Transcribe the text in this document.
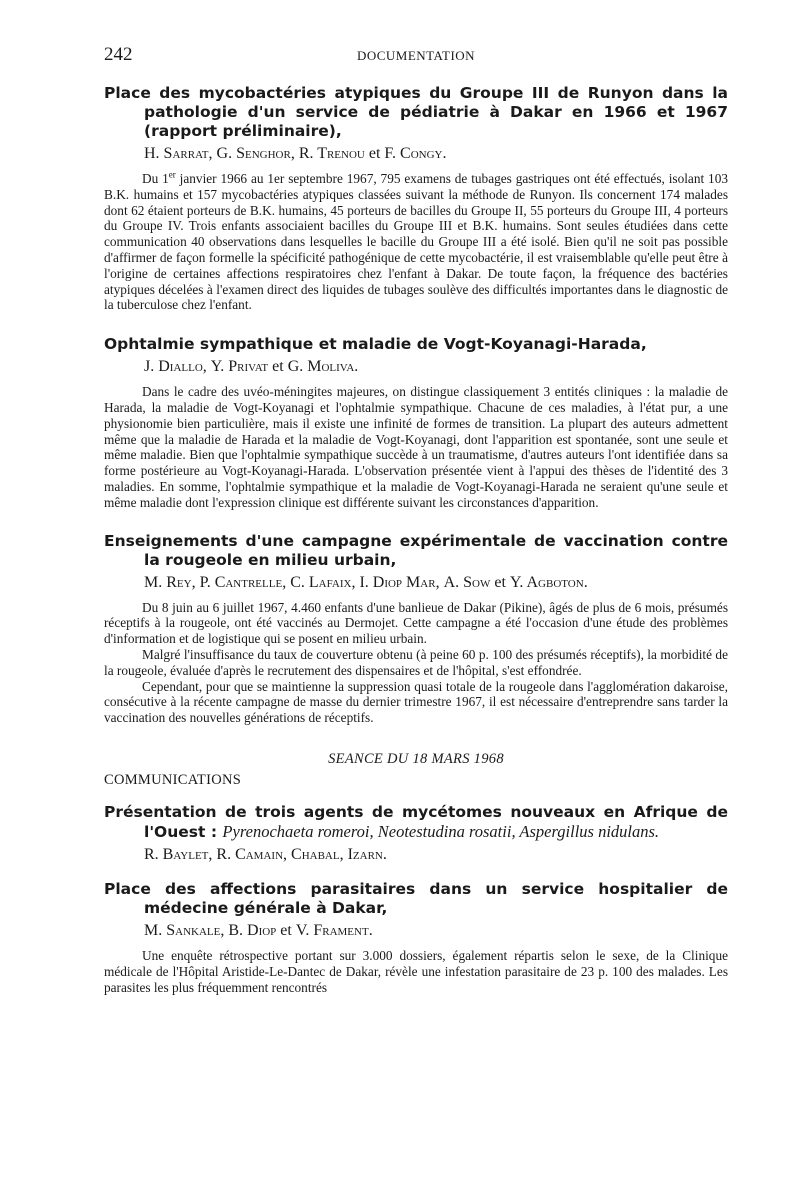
242	DOCUMENTATION
Place des mycobactéries atypiques du Groupe III de Runyon dans la pathologie d'un service de pédiatrie à Dakar en 1966 et 1967 (rapport préliminaire),
H. Sarrat, G. Senghor, R. Trenou et F. Congy.

Du 1er janvier 1966 au 1er septembre 1967, 795 examens de tubages gastriques ont été effectués, isolant 103 B.K. humains et 157 mycobactéries atypiques classées suivant la méthode de Runyon. Ils concernent 174 malades dont 62 étaient porteurs de B.K. humains, 45 porteurs de bacilles du Groupe II, 55 porteurs du Groupe III, 4 porteurs du Groupe IV. Trois enfants associaient bacilles du Groupe III et B.K. humains. Sont seules étudiées dans cette communication 40 observations dans lesquelles le bacille du Groupe III a été isolé. Bien qu'il ne soit pas possible d'affirmer de façon formelle la spécificité pathogénique de cette mycobactérie, il est vraisemblable qu'elle peut être à l'origine de certaines affections respiratoires chez l'enfant à Dakar. De toute façon, la fréquence des bactéries atypiques décelées à l'examen direct des liquides de tubages soulève des difficultés importantes dans le diagnostic de la tuberculose chez l'enfant.

Ophtalmie sympathique et maladie de Vogt-Koyanagi-Harada,
J. Diallo, Y. Privat et G. Moliva.

Dans le cadre des uvéo-méningites majeures, on distingue classiquement 3 entités cliniques : la maladie de Harada, la maladie de Vogt-Koyanagi et l'ophtalmie sympathique. Chacune de ces maladies, à l'état pur, a une physionomie bien particulière, mais il existe une infinité de formes de transition. La plupart des auteurs admettent même que la maladie de Harada et la maladie de Vogt-Koyanagi, dont l'apparition est spontanée, sont une seule et même maladie. Bien que l'ophtalmie sympathique succède à un traumatisme, d'autres auteurs l'ont identifiée dans sa forme postérieure au Vogt-Koyanagi-Harada. L'observation présentée vient à l'appui des thèses de l'identité des 3 maladies. En somme, l'ophtalmie sympathique et la maladie de Vogt-Koyanagi-Harada ne seraient qu'une seule et même maladie dont l'expression clinique est différente suivant les circonstances d'apparition.

Enseignements d'une campagne expérimentale de vaccination contre la rougeole en milieu urbain,
M. Rey, P. Cantrelle, C. Lafaix, I. Diop Mar, A. Sow et Y. Agboton.

Du 8 juin au 6 juillet 1967, 4.460 enfants d'une banlieue de Dakar (Pikine), âgés de plus de 6 mois, présumés réceptifs à la rougeole, ont été vaccinés au Dermojet. Cette campagne a été l'occasion d'une étude des problèmes d'information et de logistique qui se posent en milieu urbain.

Malgré l'insuffisance du taux de couverture obtenu (à peine 60 p. 100 des présumés réceptifs), la morbidité de la rougeole, évaluée d'après le recrutement des dispensaires et de l'hôpital, s'est effondrée.

Cependant, pour que se maintienne la suppression quasi totale de la rougeole dans l'agglomération dakaroise, consécutive à la récente campagne de masse du dernier trimestre 1967, il est nécessaire d'entreprendre sans tarder la vaccination des nouvelles générations de réceptifs.

SEANCE DU 18 MARS 1968

COMMUNICATIONS

Présentation de trois agents de mycétomes nouveaux en Afrique de l'Ouest : Pyrenochaeta romeroi, Neotestudina rosatii, Aspergillus nidulans.
R. Baylet, R. Camain, Chabal, Izarn.
Place des affections parasitaires dans un service hospitalier de médecine générale à Dakar,
M. Sankale, B. Diop et V. Frament.

Une enquête rétrospective portant sur 3.000 dossiers, également répartis selon le sexe, de la Clinique médicale de l'Hôpital Aristide-Le-Dantec de Dakar, révèle une infestation parasitaire de 23 p. 100 des malades. Les parasites les plus fréquemment rencontrés
